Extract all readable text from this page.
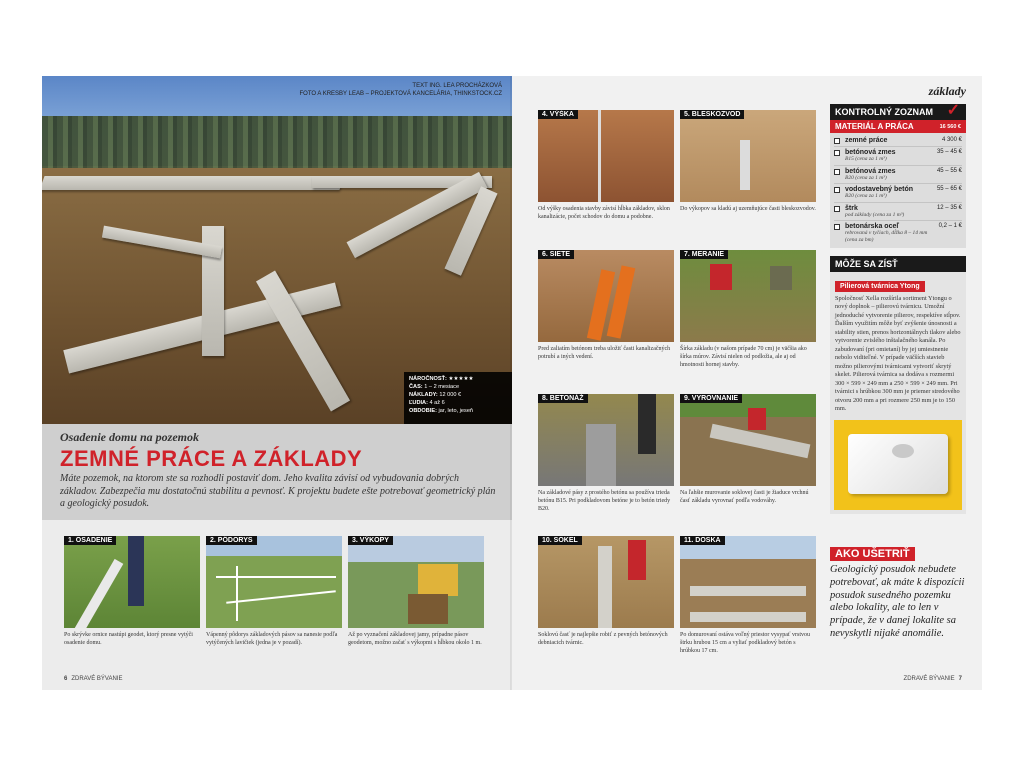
TEXT ING. LEA PROCHÁZKOVÁ
FOTO A KRESBY LEAB – PROJEKTOVÁ KANCELÁRIA, THINKSTOCK.CZ
NÁROČNOSŤ: ★★★★★
ČAS: 1 – 2 mesiace
NÁKLADY: 12 000 €
ĽUDIA: 4 až 6
OBDOBIE: jar, leto, jeseň
Osadenie domu na pozemok
ZEMNÉ PRÁCE A ZÁKLADY
Máte pozemok, na ktorom ste sa rozhodli postaviť dom. Jeho kvalita závisí od vybudovania dobrých základov. Zabezpečia mu dostatočnú stabilitu a pevnosť. K projektu budete ešte potrebovať geometrický plán a geologický posudok.
1. OSADENIE
Po skrývke ornice nastúpi geodet, ktorý presne vytýči osadenie domu.
2. PÔDORYS
Vápenný pôdorys základových pásov sa nanesie podľa vytýčených lavičiek (jedna je v pozadí).
3. VÝKOPY
Až po vyznačení základovej jamy, prípadne pásov geodetom, možno začať s výkopmi s hĺbkou okolo 1 m.
6 ZDRAVÉ BÝVANIE
základy
4. VÝŠKA
Od výšky osadenia stavby závisí hĺbka základov, sklon kanalizácie, počet schodov do domu a podobne.
5. BLESKOZVOD
Do výkopov sa kladú aj uzemňujúce časti bleskozvodov.
6. SIETE
Pred zaliatím betónom treba uložiť časti kanalizačných potrubí a iných vedení.
7. MERANIE
Šírka základu (v našom prípade 70 cm) je väčšia ako šírka múrov. Závisí nielen od podložia, ale aj od hmotnosti hornej stavby.
8. BETONÁŽ
Na základové pásy z prostého betónu sa používa trieda betónu B15. Pri podkladovom betóne je to betón triedy B20.
9. VYROVNANIE
Na ľahšie murovanie soklovej časti je žiaduce vrchnú časť základu vyrovnať podľa vodováhy.
10. SOKEL
Soklovú časť je najlepšie robiť z pevných betónových debniacich tvárnic.
11. DOSKA
Po domurovaní ostáva voľný priestor vysypať vrstvou štrku hrubou 15 cm a vyliať podkladový betón s hrúbkou 17 cm.
KONTROLNÝ ZOZNAM ✓
MATERIÁL A PRÁCA	16 560 €
zemné práce	4 300 €
betónová zmes
B15 (cena za 1 m³)
35 – 45 €
betónová zmes
B20 (cena za 1 m³)
45 – 55 €
vodostavebný betón
B20 (cena za 1 m³)
55 – 65 €
štrk
pod základy (cena za 1 m³)
12 – 35 €
betonárska oceľ
rebrovaná v tyčiach, dĺžka 8 – 14 mm (cena za bm)
0,2 – 1 €
MÔŽE SA ZÍSŤ
Pilierová tvárnica Ytong
Spoločnosť Xella rozšírila sortiment Ytongu o nový doplnok – pilierovú tvárnicu. Umožní jednoduché vytvorenie pilierov, respektíve stĺpov. Ďalším využitím môže byť zvýšenie únosnosti a stability stien, prenos horizontálnych tlakov alebo vytvorenie zvislého inštalačného kanála. Po zabudovaní (pri omietaní) by jej umiestnenie nebolo viditeľné. V prípade väčších stavieb možno pilierovými tvárnicami vytvoriť skrytý skelet. Pilierová tvárnica sa dodáva s rozmermi 300 × 599 × 249 mm a 250 × 599 × 249 mm. Pri tvárnici s hrúbkou 300 mm je priemer stredového otvoru 200 mm a pri rozmere 250 mm je to 150 mm.
AKO UŠETRIŤ
Geologický posudok nebudete potrebovať, ak máte k dispozícii posudok susedného pozemku alebo lokality, ale to len v prípade, že v danej lokalite sa nevyskytli nijaké anomálie.
ZDRAVÉ BÝVANIE 7
